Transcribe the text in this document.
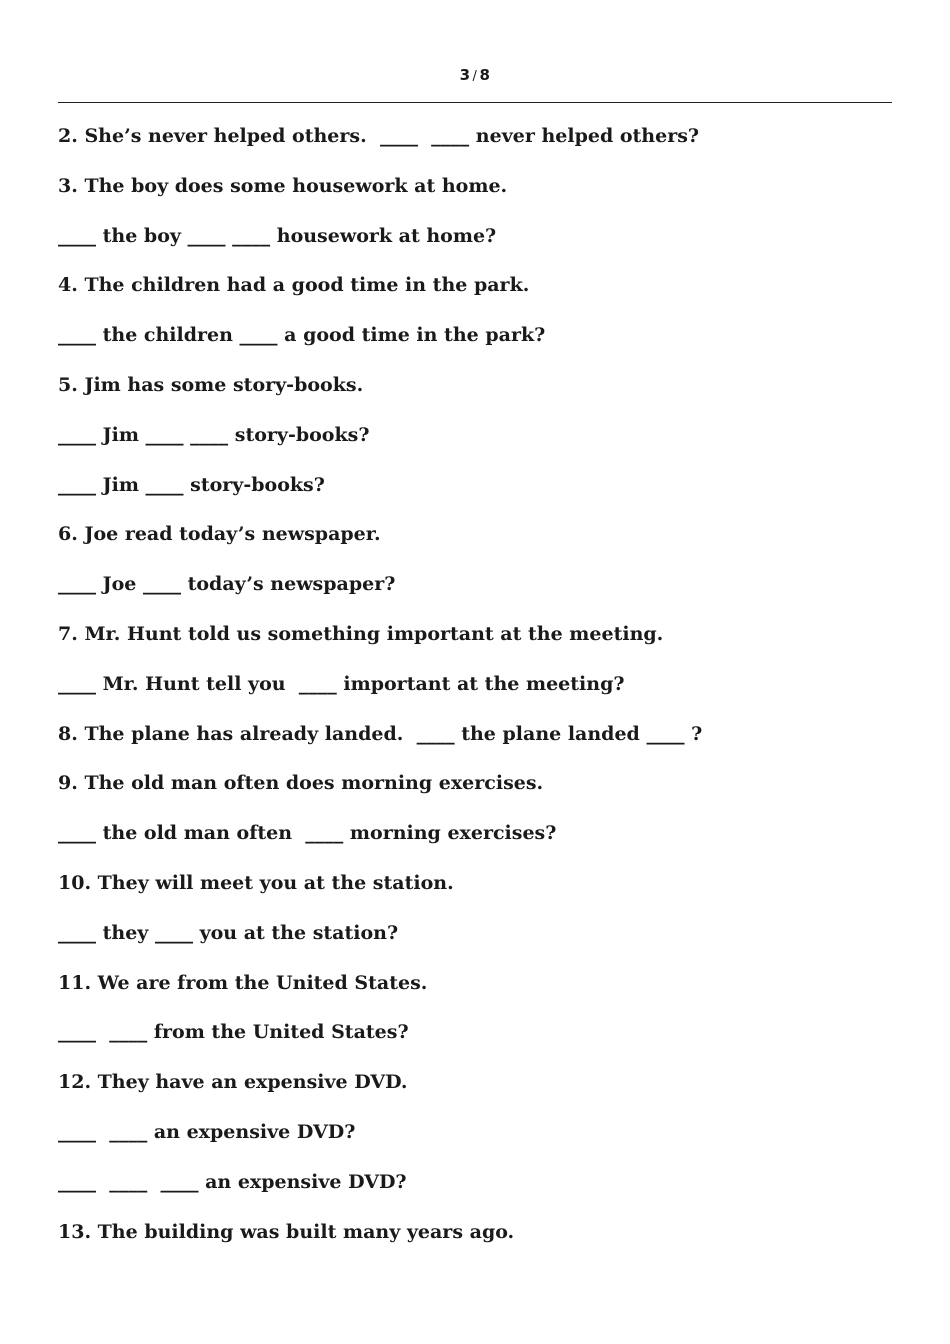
3 / 8
2. She’s never helped others.  ____  ____ never helped others?
3. The boy does some housework at home.
____ the boy ____ ____ housework at home?
4. The children had a good time in the park.
____ the children ____ a good time in the park?
5. Jim has some story-books.
____ Jim ____ ____ story-books?
____ Jim ____ story-books?
6. Joe read today’s newspaper.
____ Joe ____ today’s newspaper?
7. Mr. Hunt told us something important at the meeting.
____ Mr. Hunt tell you  ____ important at the meeting?
8. The plane has already landed.  ____ the plane landed ____ ?
9. The old man often does morning exercises.
____ the old man often  ____ morning exercises?
10. They will meet you at the station.
____ they ____ you at the station?
11. We are from the United States.
____  ____ from the United States?
12. They have an expensive DVD.
____  ____ an expensive DVD?
____  ____  ____ an expensive DVD?
13. The building was built many years ago.
